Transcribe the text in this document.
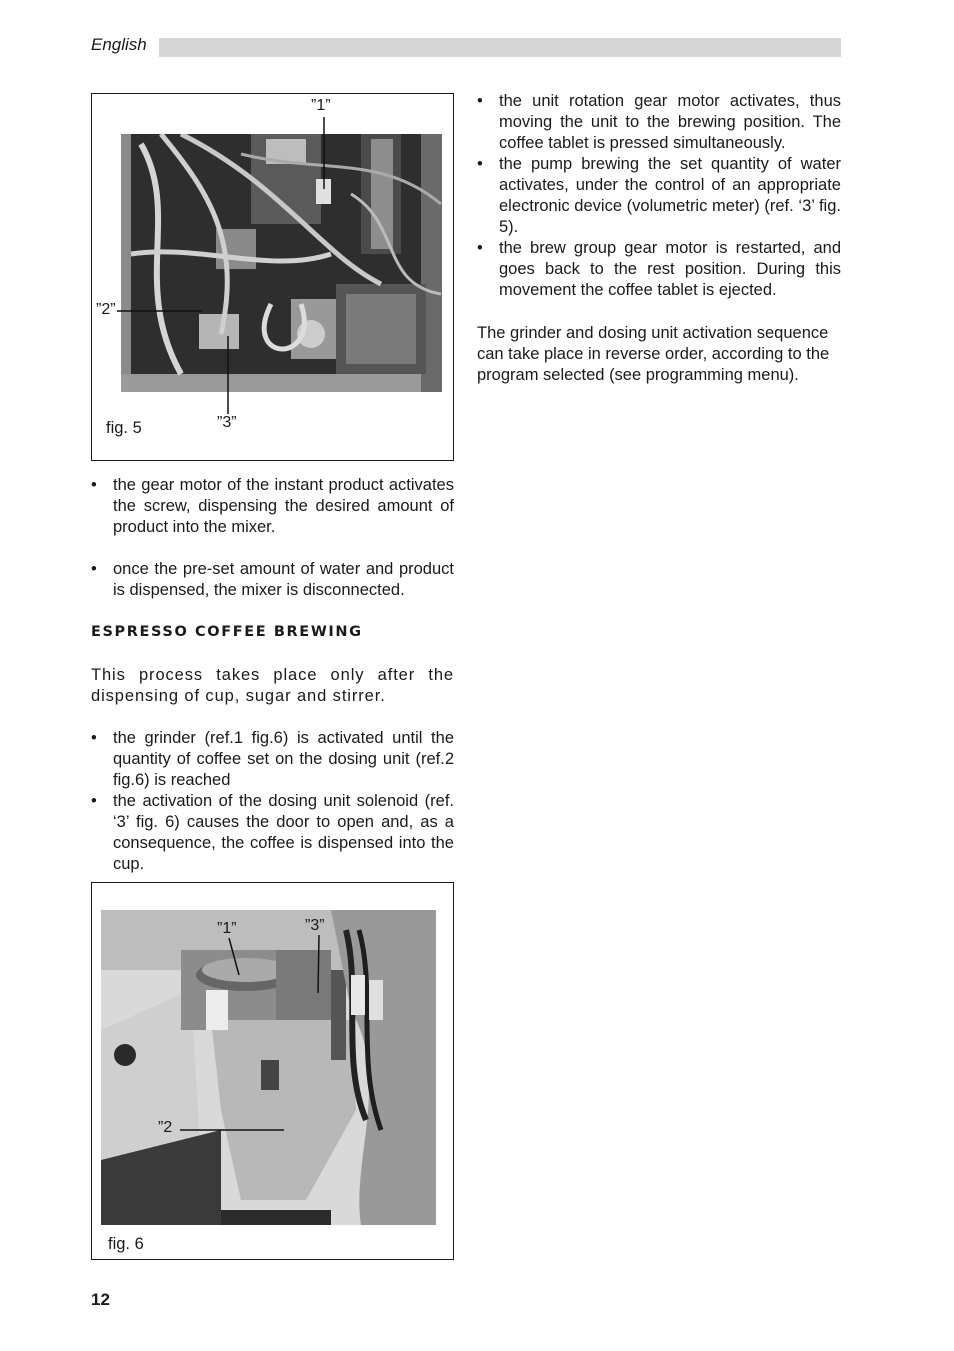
English
”1”
”2”
”3”
fig. 5
• the gear motor of the instant product activates the screw, dispensing the desired amount of product into the mixer.
• once the pre-set amount of water and product is dispensed, the mixer is disconnected.
ESPRESSO COFFEE BREWING
This process takes place only after the dispensing of cup, sugar and stirrer.
• the grinder (ref.1 fig.6) is activated until the quantity of coffee set on the dosing unit (ref.2 fig.6) is reached
• the activation of the dosing unit solenoid (ref. ‘3’ fig. 6) causes the door to open and, as a consequence, the coffee is dispensed into the cup.
”1”	”3”
”2
fig. 6
• the unit rotation gear motor activates, thus moving the unit to the brewing position. The coffee tablet is pressed simultaneously.
• the pump brewing the set quantity of water activates, under the control of an appropriate electronic device (volumetric meter) (ref. ‘3’ fig. 5).
• the brew group gear motor is restarted, and goes back to the rest position. During this movement the coffee tablet is ejected.
The grinder and dosing unit activation sequence can take place in reverse order, according to the program selected (see programming menu).
12
